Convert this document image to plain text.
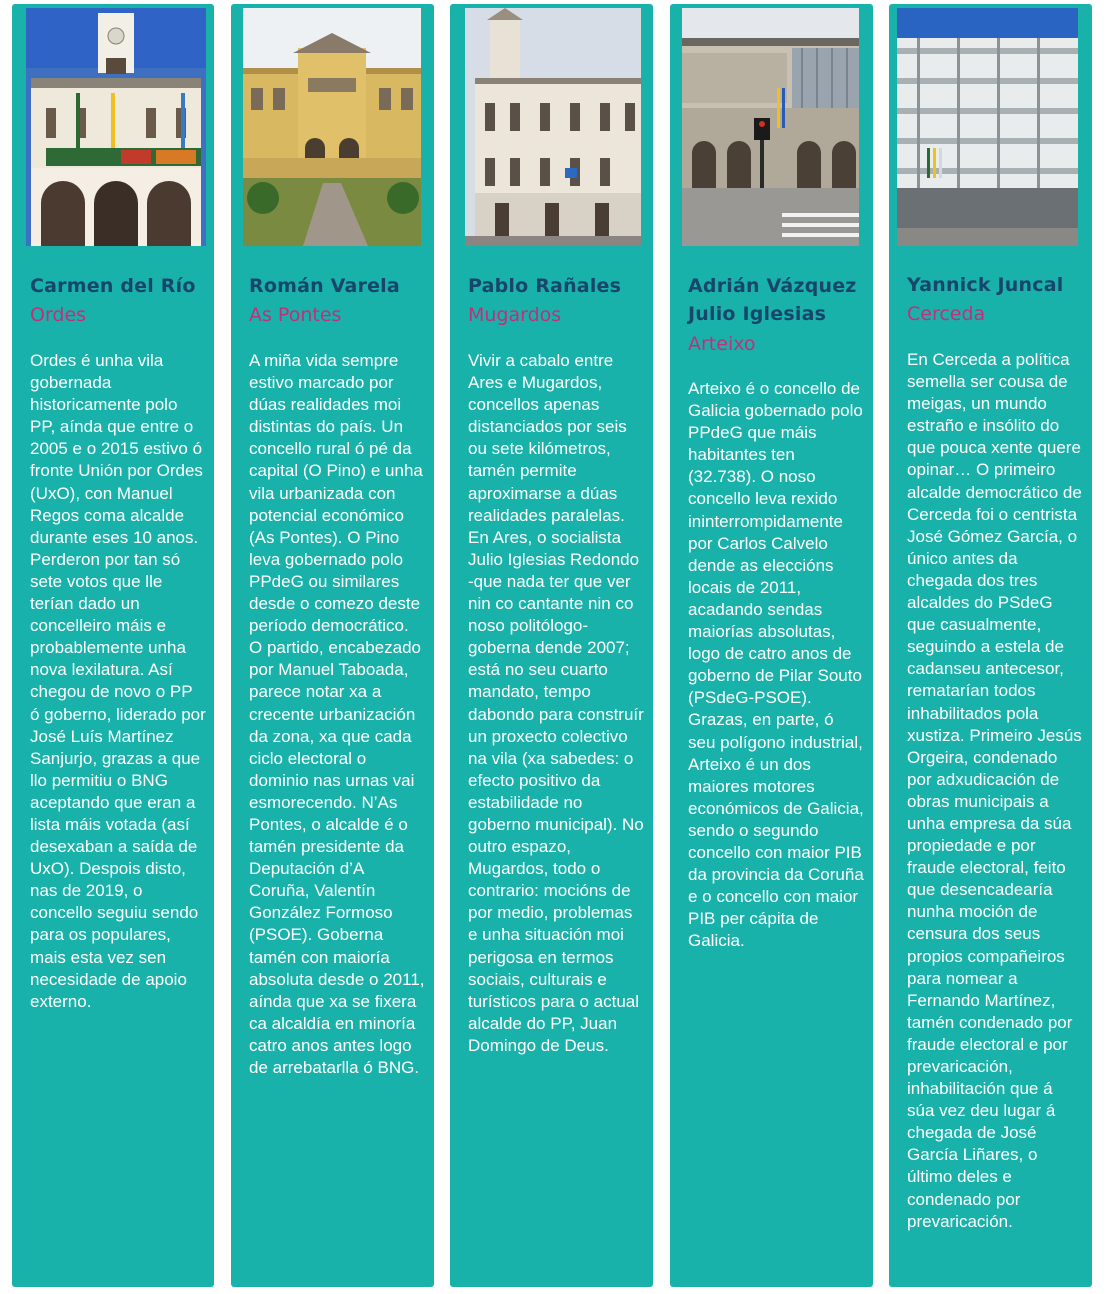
Carmen del Río
Ordes

Ordes é unha vila gobernada historicamente polo PP, aínda que entre o 2005 e o 2015 estivo ó fronte Unión por Ordes (UxO), con Manuel Regos coma alcalde durante eses 10 anos. Perderon por tan só sete votos que lle terían dado un concelleiro máis e probablemente unha nova lexilatura. Así chegou de novo o PP ó goberno, liderado por José Luís Martínez Sanjurjo, grazas a que llo permitiu o BNG aceptando que eran a lista máis votada (así desexaban a saída de UxO). Despois disto, nas de 2019, o concello seguiu sendo para os populares, mais esta vez sen necesidade de apoio externo.

Román Varela
As Pontes

A miña vida sempre estivo marcado por dúas realidades moi distintas do país. Un concello rural ó pé da capital (O Pino) e unha vila urbanizada con potencial económico (As Pontes). O Pino leva gobernado polo PPdeG ou similares desde o comezo deste período democrático. O partido, encabezado por Manuel Taboada, parece notar xa a crecente urbanización da zona, xa que cada ciclo electoral o dominio nas urnas vai esmorecendo. N’As Pontes, o alcalde é o tamén presidente da Deputación d’A Coruña, Valentín González Formoso (PSOE). Goberna tamén con maioría absoluta desde o 2011, aínda que xa se fixera ca alcaldía en minoría catro anos antes logo de arrebatarlla ó BNG.

Pablo Rañales
Mugardos

Vivir a cabalo entre Ares e Mugardos, concellos apenas distanciados por seis ou sete kilómetros, tamén permite aproximarse a dúas realidades paralelas. En Ares, o socialista Julio Iglesias Redondo -que nada ter que ver nin co cantante nin co noso politólogo- goberna dende 2007; está no seu cuarto mandato, tempo dabondo para construír un proxecto colectivo na vila (xa sabedes: o efecto positivo da estabilidade no goberno municipal). No outro espazo, Mugardos, todo o contrario: mocións de por medio, problemas e unha situación moi perigosa en termos sociais, culturais e turísticos para o actual alcalde do PP, Juan Domingo de Deus.

Adrián Vázquez Julio Iglesias
Arteixo

Arteixo é o concello de Galicia gobernado polo PPdeG que máis habitantes ten (32.738). O noso concello leva rexido ininterrompidamente por Carlos Calvelo dende as eleccións locais de 2011, acadando sendas maiorías absolutas, logo de catro anos de goberno de Pilar Souto (PSdeG-PSOE). Grazas, en parte, ó seu polígono industrial, Arteixo é un dos maiores motores económicos de Galicia, sendo o segundo concello con maior PIB da provincia da Coruña e o concello con maior PIB per cápita de Galicia.

Yannick Juncal
Cerceda

En Cerceda a política semella ser cousa de meigas, un mundo estraño e insólito do que pouca xente quere opinar… O primeiro alcalde democrático de Cerceda foi o centrista José Gómez García, o único antes da chegada dos tres alcaldes do PSdeG que casualmente, seguindo a estela de cadanseu antecesor, rematarían todos inhabilitados pola xustiza. Primeiro Jesús Orgeira, condenado por adxudicación de obras municipais a unha empresa da súa propiedade e por fraude electoral, feito que desencadearía nunha moción de censura dos seus propios compañeiros para nomear a Fernando Martínez, tamén condenado por fraude electoral e por prevaricación, inhabilitación que á súa vez deu lugar á chegada de José García Liñares, o último deles e condenado por prevaricación.
